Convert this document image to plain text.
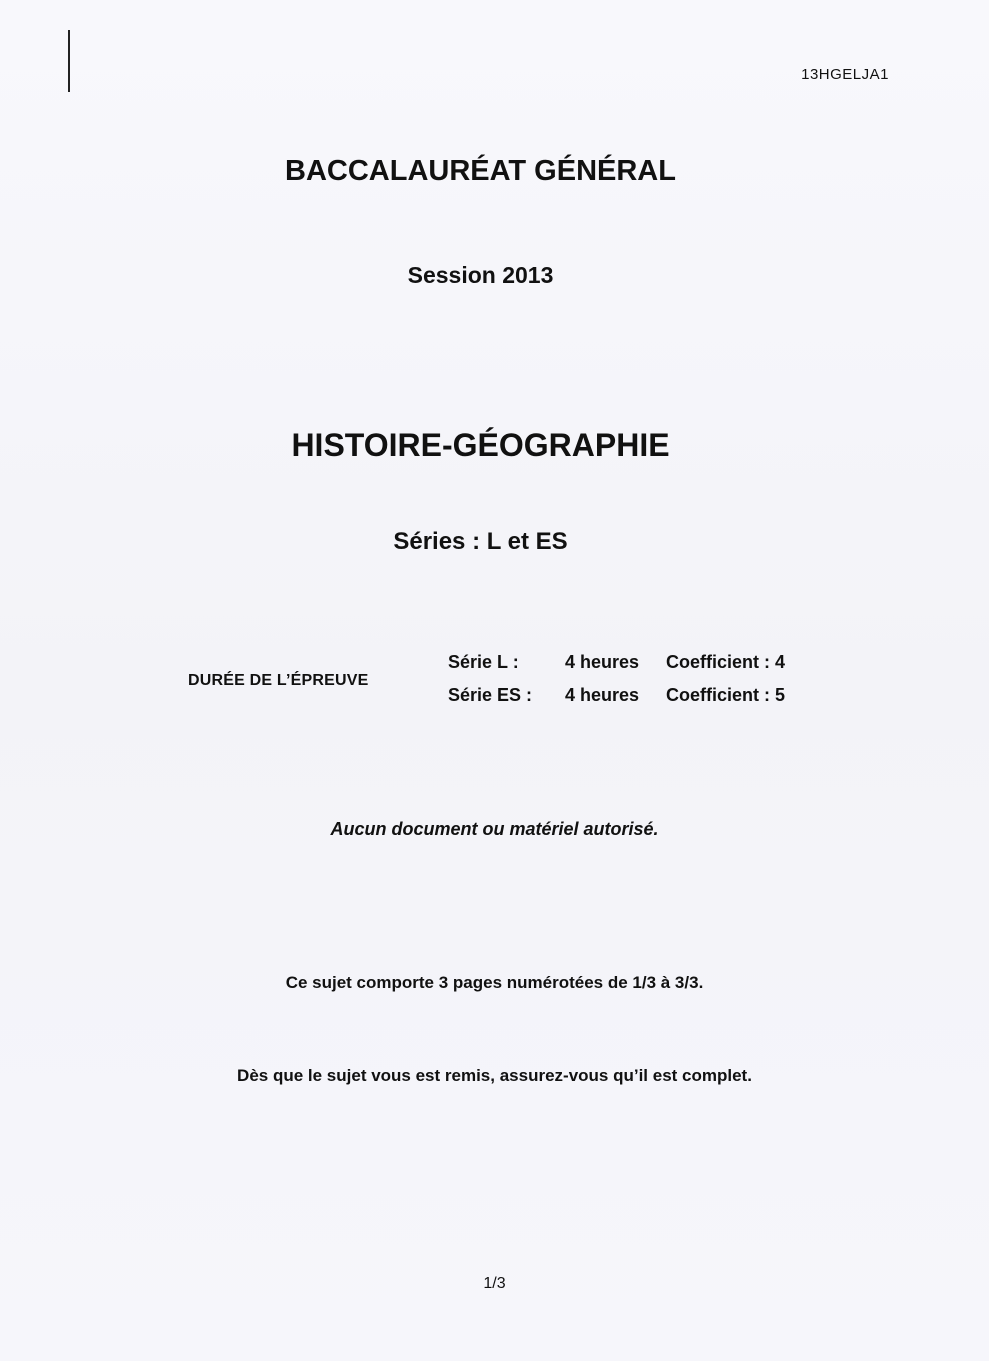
13HGELJA1
BACCALAURÉAT GÉNÉRAL
Session 2013
HISTOIRE-GÉOGRAPHIE
Séries : L et ES
DURÉE DE L’ÉPREUVE
Série L :	4 heures	Coefficient : 4
Série ES :	4 heures	Coefficient : 5
Aucun document ou matériel autorisé.
Ce sujet comporte 3 pages numérotées de 1/3 à 3/3.
Dès que le sujet vous est remis, assurez-vous qu’il est complet.
1/3
